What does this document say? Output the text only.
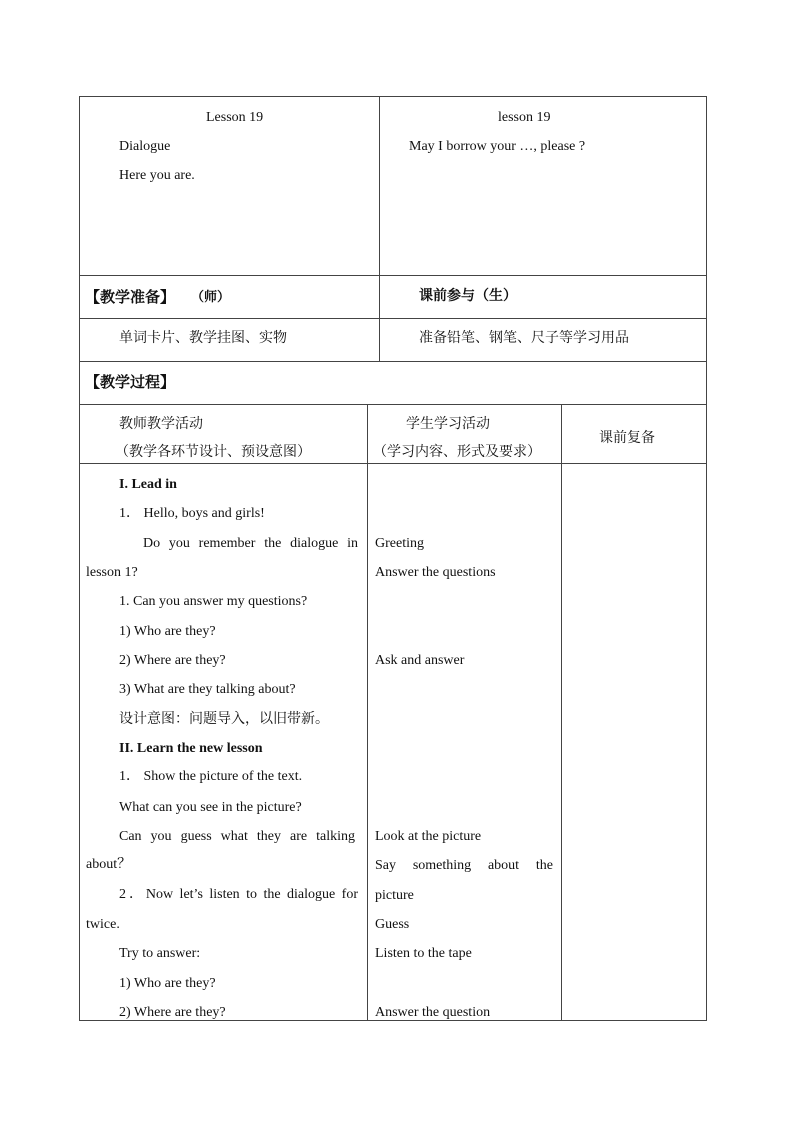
Lesson 19
Dialogue
Here you are.
lesson 19
May I borrow your …, please ?
【教学准备】 （师）	课前参与（生）
单词卡片、教学挂图、实物	准备铅笔、钢笔、尺子等学习用品
【教学过程】
教师教学活动
（教学各环节设计、预设意图）
学生学习活动
（学习内容、形式及要求）
课前复备
I. Lead in
1． Hello, boys and girls!
Do you remember the dialogue in
lesson 1?
1. Can you answer my questions?
1) Who are they?
2) Where are they?
3) What are they talking about?
设计意图：问题导入，以旧带新。
II. Learn the new lesson
1． Show the picture of the text.
What can you see in the picture?
Can you guess what they are talking
about？
2．Now let’s listen to the dialogue for
twice.
Try to answer:
1) Who are they?
2) Where are they?
Greeting
Answer the questions
Ask and answer
Look at the picture
Say something about the
picture
Guess
Listen to the tape
Answer the question
